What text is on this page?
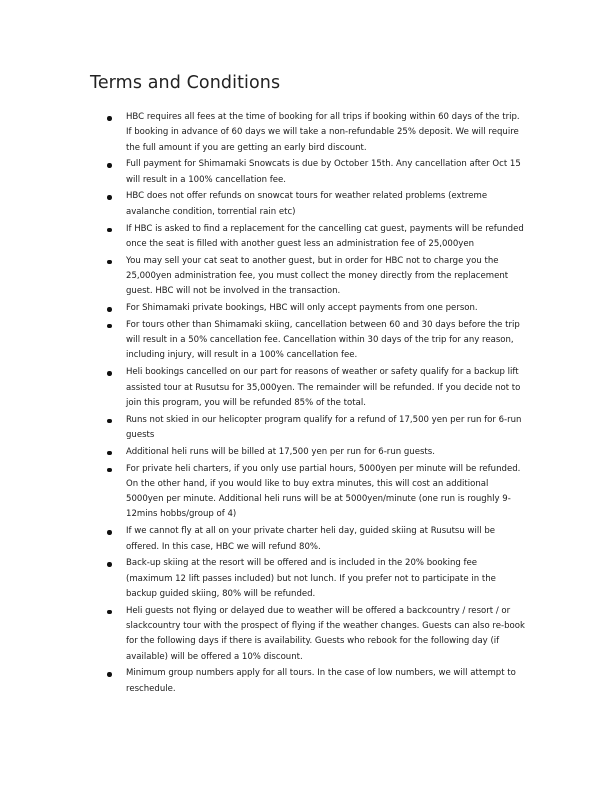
Terms and Conditions
HBC requires all fees at the time of booking for all trips if booking within 60 days of the trip. If booking in advance of 60 days we will take a non-refundable 25% deposit. We will require the full amount if you are getting an early bird discount.
Full payment for Shimamaki Snowcats is due by October 15th. Any cancellation after Oct 15 will result in a 100% cancellation fee.
HBC does not offer refunds on snowcat tours for weather related problems (extreme avalanche condition, torrential rain etc)
If HBC is asked to find a replacement for the cancelling cat guest, payments will be refunded once the seat is filled with another guest less an administration fee of 25,000yen
You may sell your cat seat to another guest, but in order for HBC not to charge you the 25,000yen administration fee, you must collect the money directly from the replacement guest. HBC will not be involved in the transaction.
For Shimamaki private bookings, HBC will only accept payments from one person.
For tours other than Shimamaki skiing, cancellation between 60 and 30 days before the trip will result in a 50% cancellation fee. Cancellation within 30 days of the trip for any reason, including injury, will result in a 100% cancellation fee.
Heli bookings cancelled on our part for reasons of weather or safety qualify for a backup lift assisted tour at Rusutsu for 35,000yen. The remainder will be refunded. If you decide not to join this program, you will be refunded 85% of the total.
Runs not skied in our helicopter program qualify for a refund of 17,500 yen per run for 6-run guests
Additional heli runs will be billed at 17,500 yen per run for 6-run guests.
For private heli charters, if you only use partial hours, 5000yen per minute will be refunded. On the other hand, if you would like to buy extra minutes, this will cost an additional 5000yen per minute. Additional heli runs will be at 5000yen/minute (one run is roughly 9-12mins hobbs/group of 4)
If we cannot fly at all on your private charter heli day, guided skiing at Rusutsu will be offered. In this case, HBC we will refund 80%.
Back-up skiing at the resort will be offered and is included in the 20% booking fee (maximum 12 lift passes included) but not lunch. If you prefer not to participate in the backup guided skiing, 80% will be refunded.
Heli guests not flying or delayed due to weather will be offered a backcountry / resort / or slackcountry tour with the prospect of flying if the weather changes. Guests can also re-book for the following days if there is availability. Guests who rebook for the following day (if available) will be offered a 10% discount.
Minimum group numbers apply for all tours. In the case of low numbers, we will attempt to reschedule.
